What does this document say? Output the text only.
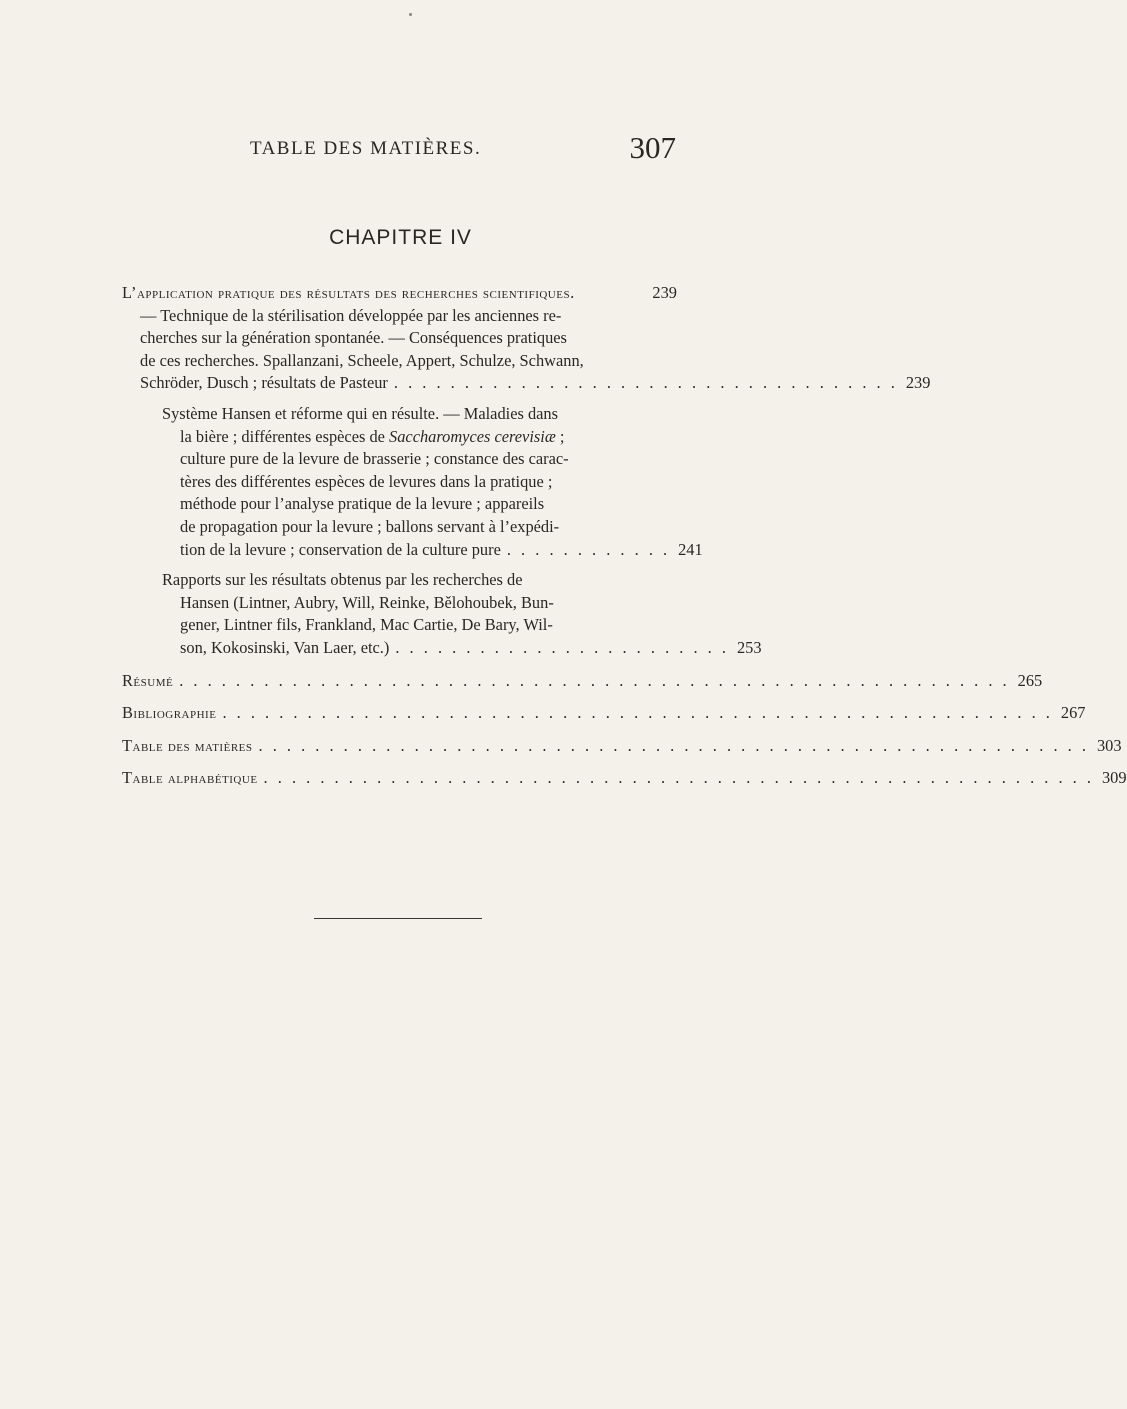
TABLE DES MATIÈRES.	307
CHAPITRE IV
L’application pratique des résultats des recherches scientifiques.	239
— Technique de la stérilisation développée par les anciennes re-
cherches sur la génération spontanée. — Conséquences pratiques
de ces recherches. Spallanzani, Scheele, Appert, Schulze, Schwann,
Schröder, Dusch ; résultats de Pasteur . . . . . . . . . . . . . . . . . . . . . . . . . . . . . . . . . . . . 239
Système Hansen et réforme qui en résulte. — Maladies dans
la bière ; différentes espèces de Saccharomyces cerevisiæ ;
culture pure de la levure de brasserie ; constance des carac-
tères des différentes espèces de levures dans la pratique ;
méthode pour l’analyse pratique de la levure ; appareils
de propagation pour la levure ; ballons servant à l’expédi-
tion de la levure ; conservation de la culture pure . . . . . . . . . . . . 241
Rapports sur les résultats obtenus par les recherches de
Hansen (Lintner, Aubry, Will, Reinke, Bělohoubek, Bun-
gener, Lintner fils, Frankland, Mac Cartie, De Bary, Wil-
son, Kokosinski, Van Laer, etc.) . . . . . . . . . . . . . . . . . . . . . . . . 253
Résumé . . . . . . . . . . . . . . . . . . . . . . . . . . . . . . . . . . . . . . . . . . . . . . . . . . . . . . . . . . . 265
Bibliographie . . . . . . . . . . . . . . . . . . . . . . . . . . . . . . . . . . . . . . . . . . . . . . . . . . . . . . . . . . . 267
Table des matières . . . . . . . . . . . . . . . . . . . . . . . . . . . . . . . . . . . . . . . . . . . . . . . . . . . . . . . . . . . 303
Table alphabétique . . . . . . . . . . . . . . . . . . . . . . . . . . . . . . . . . . . . . . . . . . . . . . . . . . . . . . . . . . . 309
